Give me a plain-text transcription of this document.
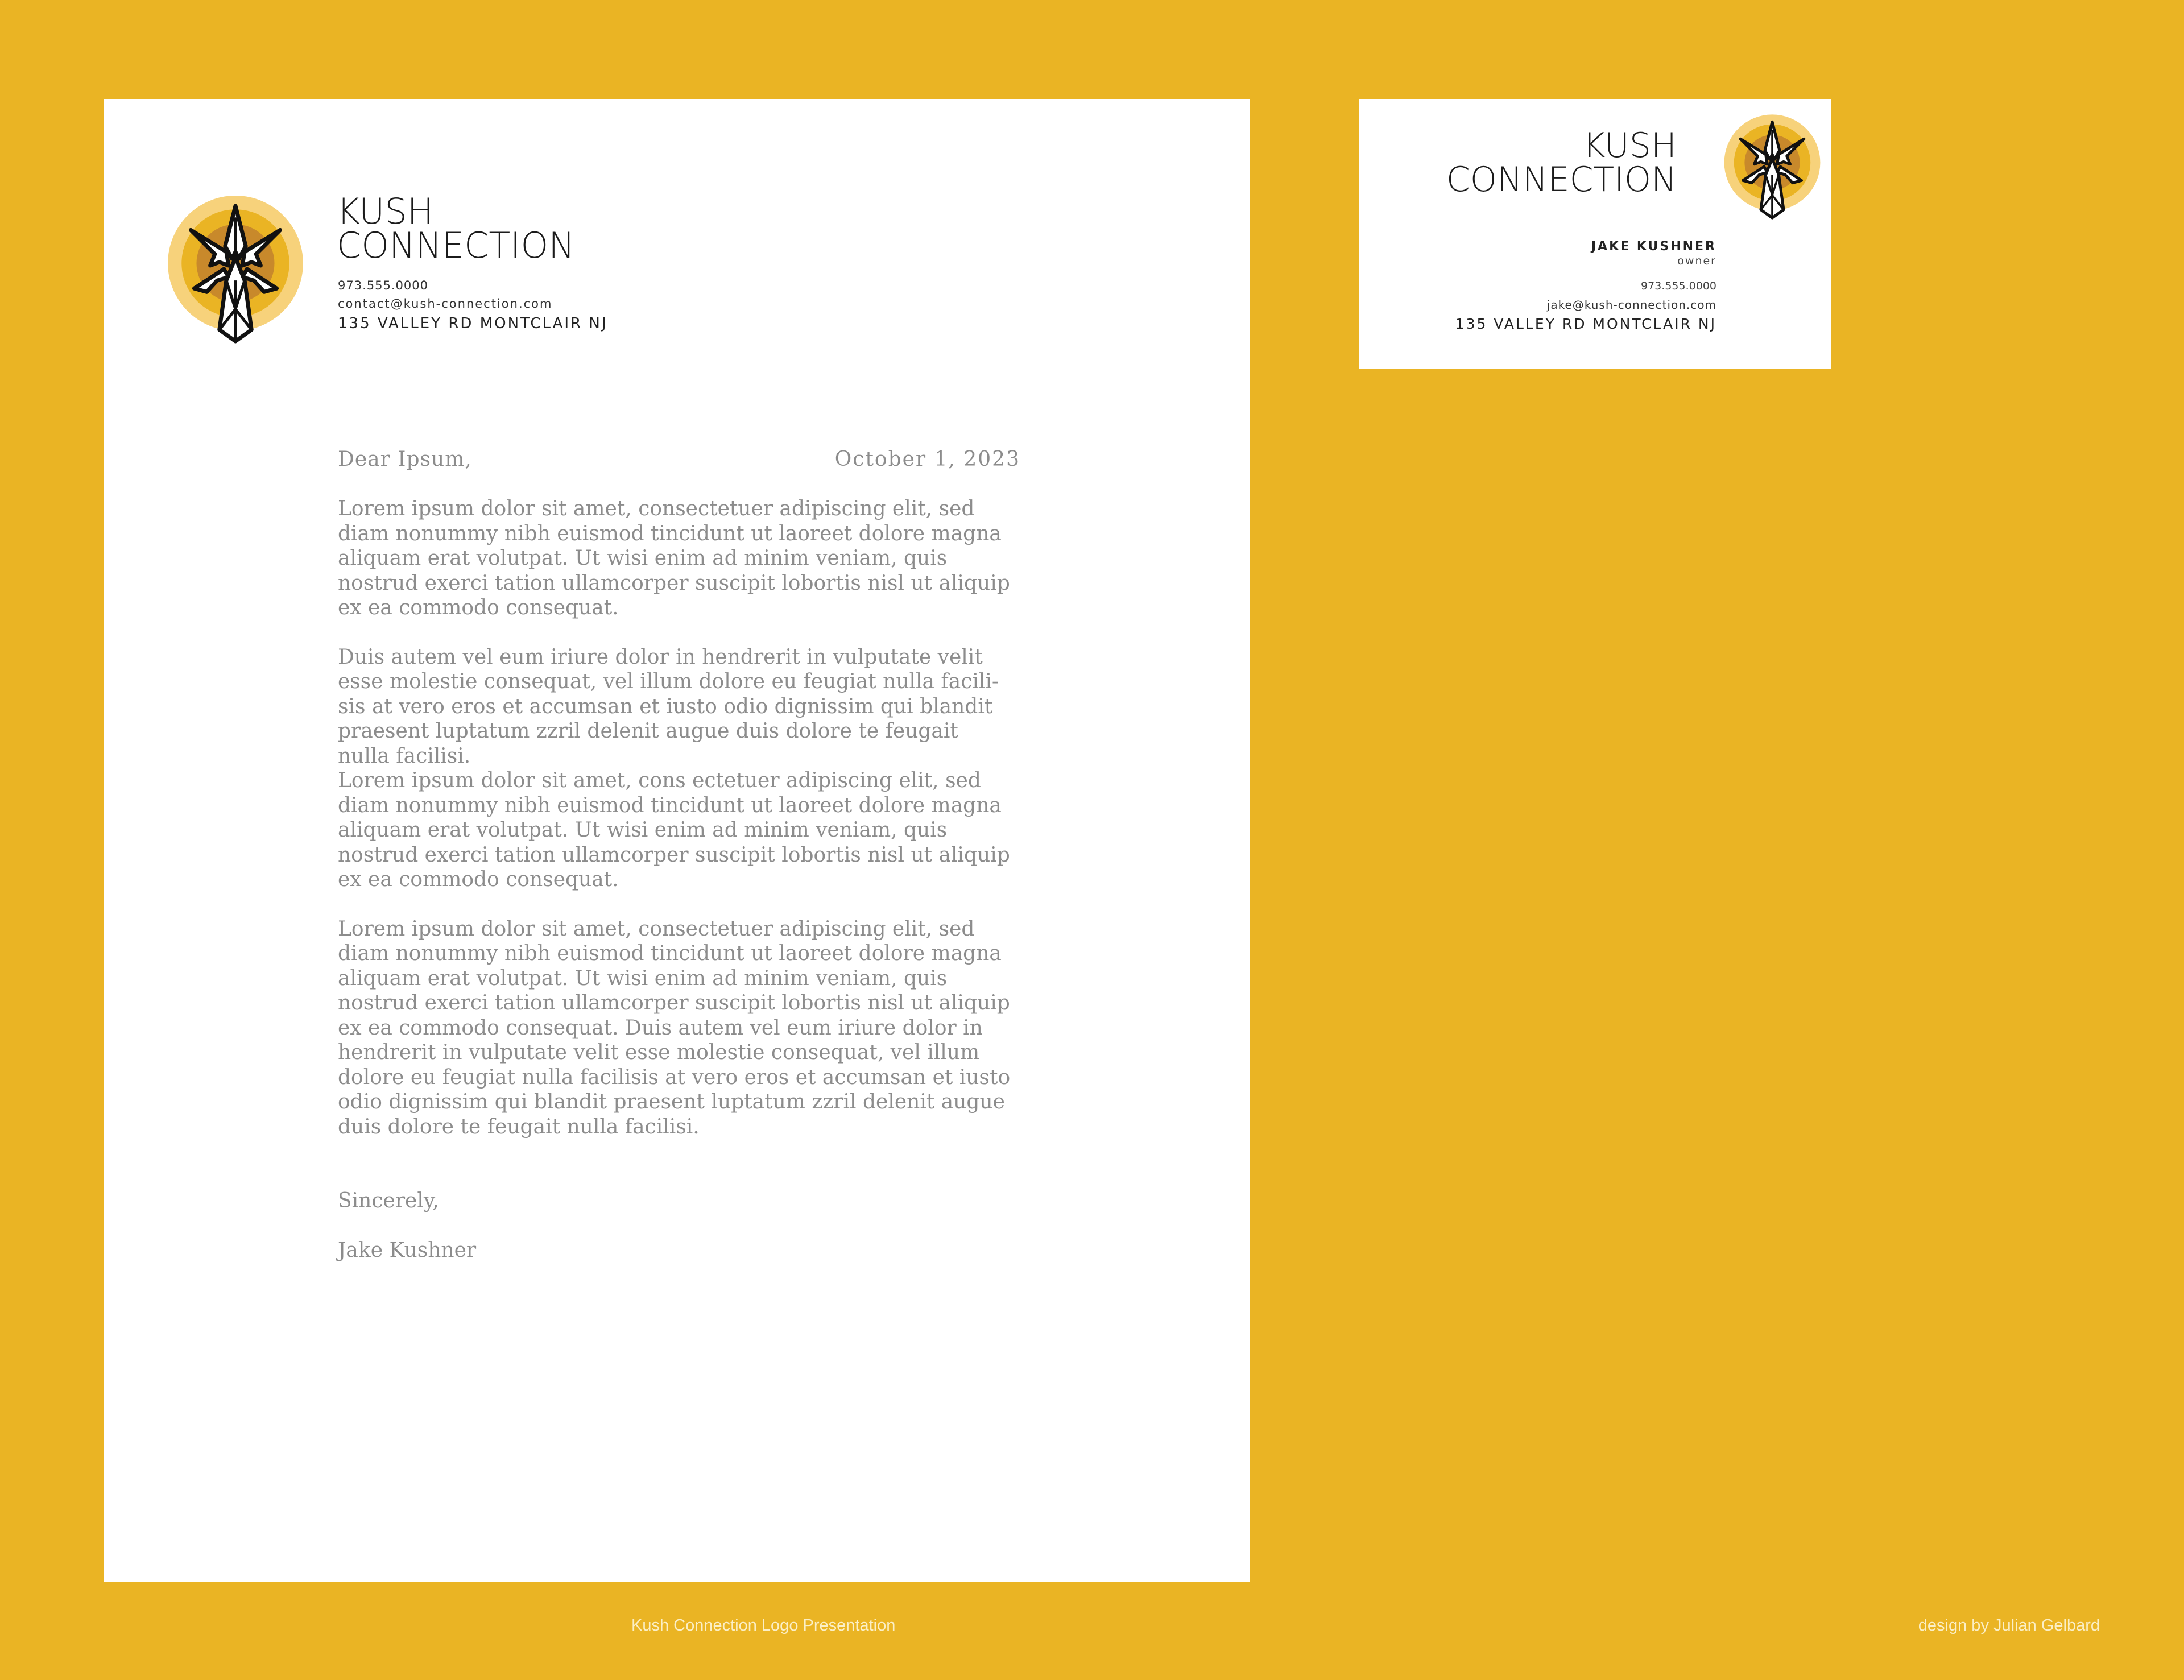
KUSH
CONNECTION
973.555.0000
contact@kush-connection.com
135 VALLEY RD MONTCLAIR NJ
Dear Ipsum,	October 1, 2023

Lorem ipsum dolor sit amet, consectetuer adipiscing elit, sed
diam nonummy nibh euismod tincidunt ut laoreet dolore magna
aliquam erat volutpat. Ut wisi enim ad minim veniam, quis
nostrud exerci tation ullamcorper suscipit lobortis nisl ut aliquip
ex ea commodo consequat.

Duis autem vel eum iriure dolor in hendrerit in vulputate velit
esse molestie consequat, vel illum dolore eu feugiat nulla facili-
sis at vero eros et accumsan et iusto odio dignissim qui blandit
praesent luptatum zzril delenit augue duis dolore te feugait
nulla facilisi.

Lorem ipsum dolor sit amet, cons ectetuer adipiscing elit, sed
diam nonummy nibh euismod tincidunt ut laoreet dolore magna
aliquam erat volutpat. Ut wisi enim ad minim veniam, quis
nostrud exerci tation ullamcorper suscipit lobortis nisl ut aliquip
ex ea commodo consequat.

Lorem ipsum dolor sit amet, consectetuer adipiscing elit, sed
diam nonummy nibh euismod tincidunt ut laoreet dolore magna
aliquam erat volutpat. Ut wisi enim ad minim veniam, quis
nostrud exerci tation ullamcorper suscipit lobortis nisl ut aliquip
ex ea commodo consequat. Duis autem vel eum iriure dolor in
hendrerit in vulputate velit esse molestie consequat, vel illum
dolore eu feugiat nulla facilisis at vero eros et accumsan et iusto
odio dignissim qui blandit praesent luptatum zzril delenit augue
duis dolore te feugait nulla facilisi.

Sincerely,
Jake Kushner
KUSH
CONNECTION
JAKE KUSHNER
owner
973.555.0000
jake@kush-connection.com
135 VALLEY RD MONTCLAIR NJ
Kush Connection Logo Presentation	design by Julian Gelbard
